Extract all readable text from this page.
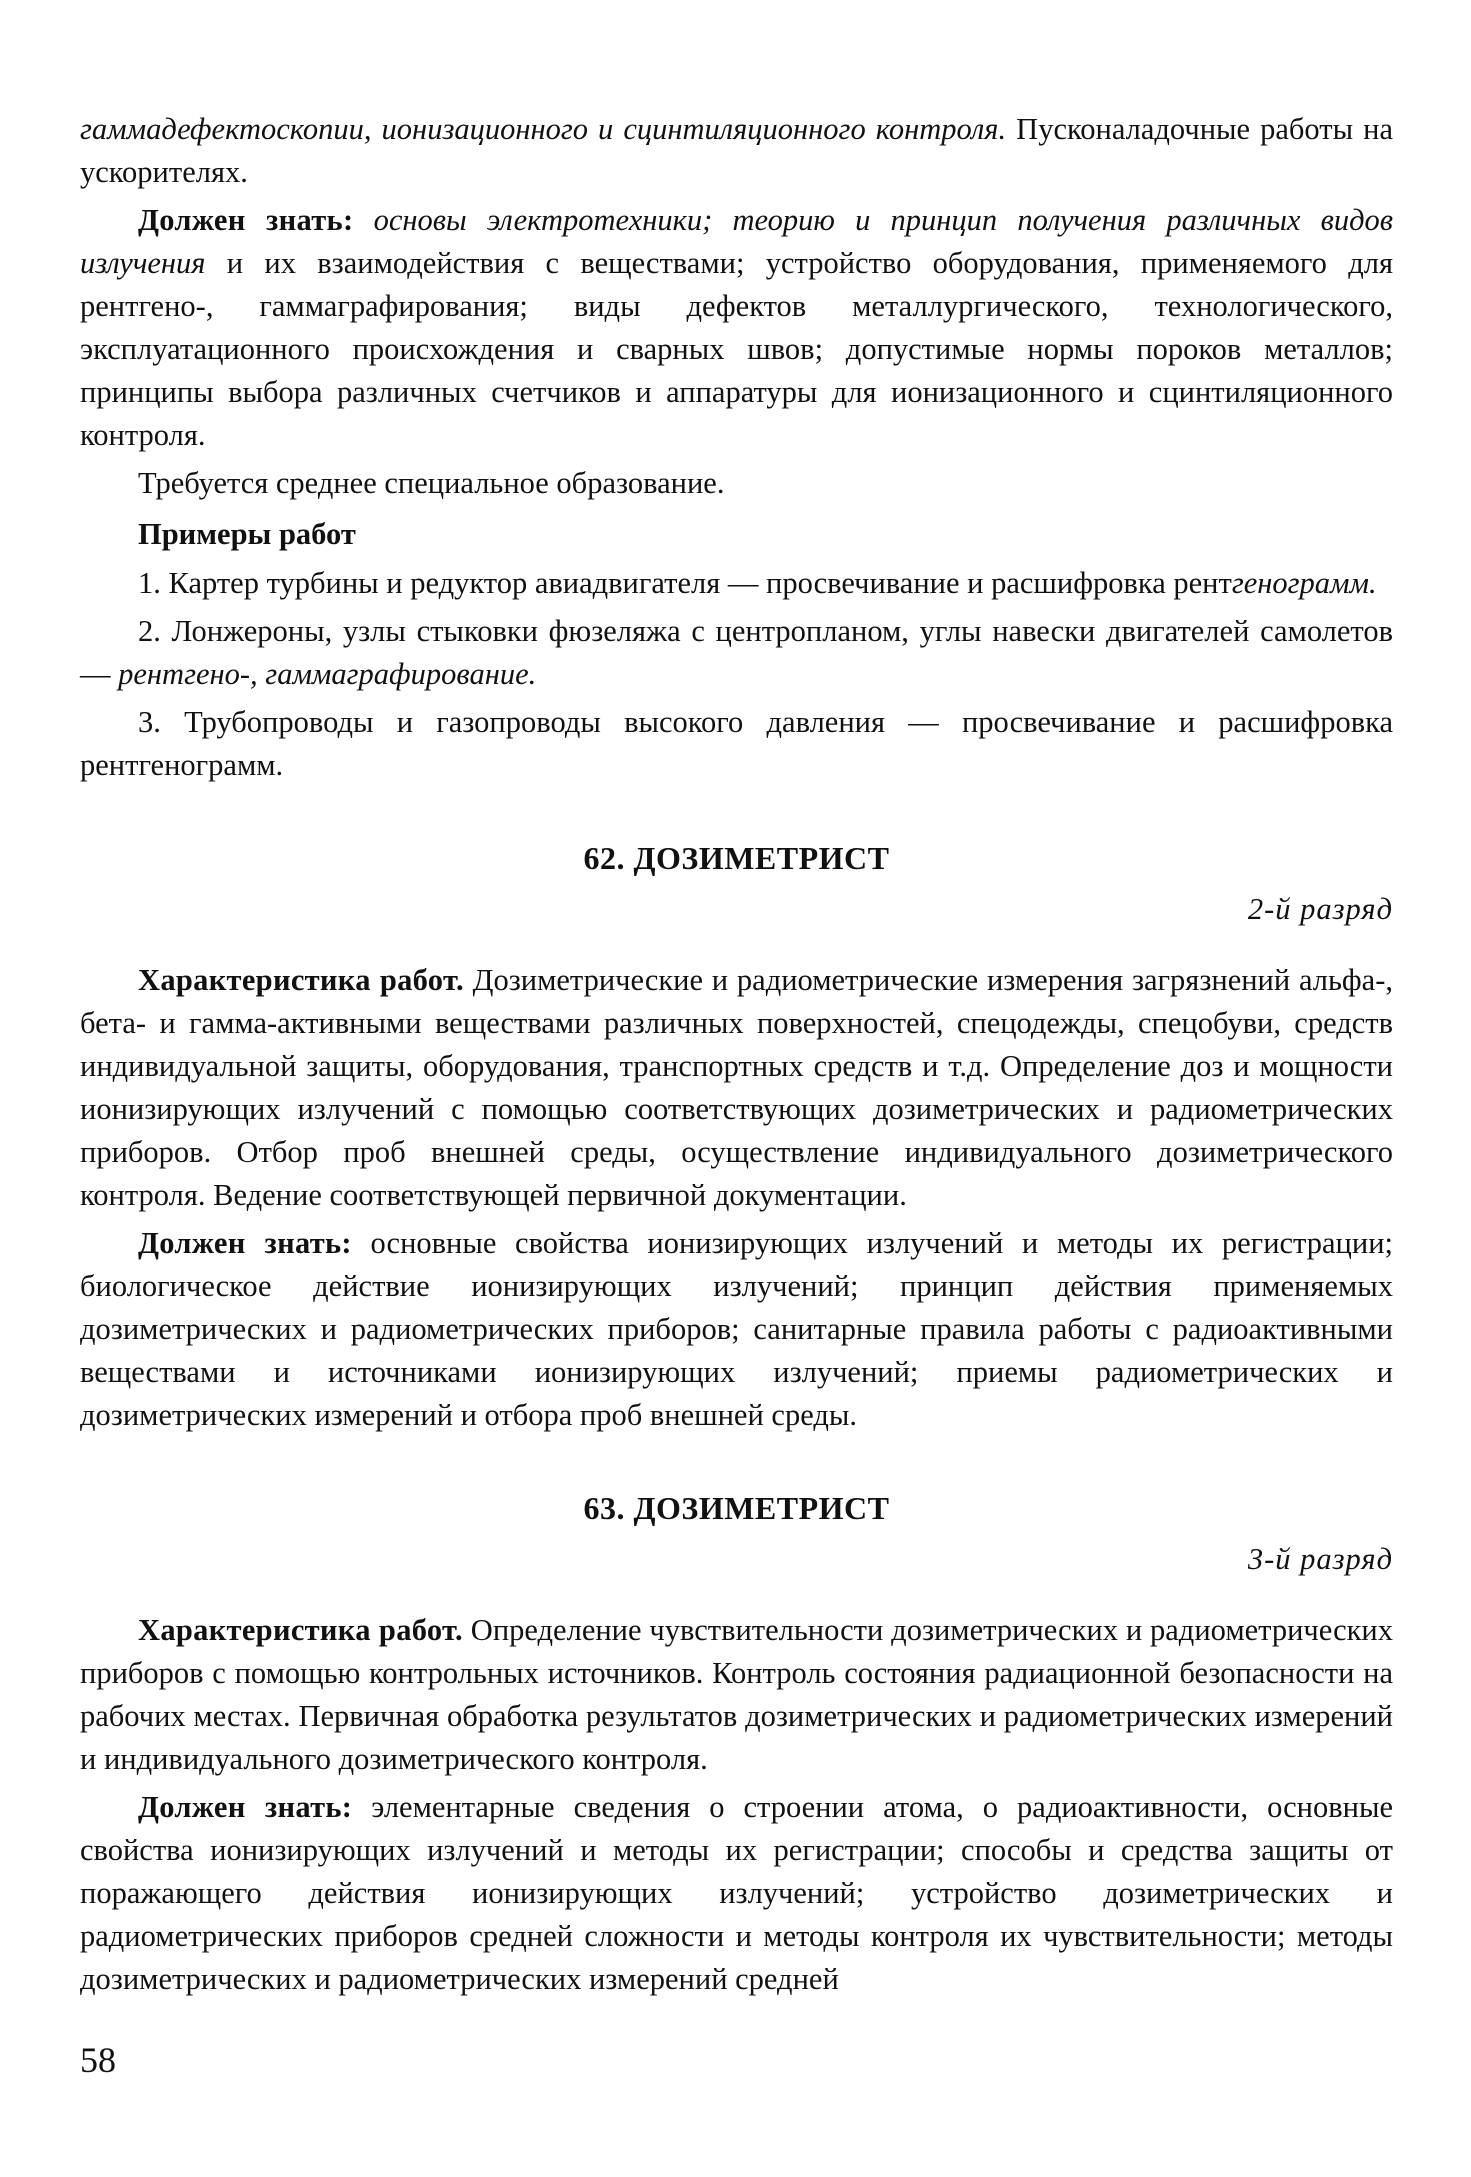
гаммадефектоскопии, ионизационного и сцинтиляционного контроля. Пусконаладочные работы на ускорителях.

Должен знать: основы электротехники; теорию и принцип получения различных видов излучения и их взаимодействия с веществами; устройство оборудования, применяемого для рентгено-, гаммаграфирования; виды дефектов металлургического, технологического, эксплуатационного происхождения и сварных швов; допустимые нормы пороков металлов; принципы выбора различных счетчиков и аппаратуры для ионизационного и сцинтиляционного контроля.

Требуется среднее специальное образование.

Примеры работ

1. Картер турбины и редуктор авиадвигателя — просвечивание и расшифровка рентгенограмм.

2. Лонжероны, узлы стыковки фюзеляжа с центропланом, углы навески двигателей самолетов — рентгено-, гаммаграфирование.

3. Трубопроводы и газопроводы высокого давления — просвечивание и расшифровка рентгенограмм.

62. ДОЗИМЕТРИСТ
2-й разряд

Характеристика работ. Дозиметрические и радиометрические измерения загрязнений альфа-, бета- и гамма-активными веществами различных поверхностей, спецодежды, спецобуви, средств индивидуальной защиты, оборудования, транспортных средств и т.д. Определение доз и мощности ионизирующих излучений с помощью соответствующих дозиметрических и радиометрических приборов. Отбор проб внешней среды, осуществление индивидуального дозиметрического контроля. Ведение соответствующей первичной документации.

Должен знать: основные свойства ионизирующих излучений и методы их регистрации; биологическое действие ионизирующих излучений; принцип действия применяемых дозиметрических и радиометрических приборов; санитарные правила работы с радиоактивными веществами и источниками ионизирующих излучений; приемы радиометрических и дозиметрических измерений и отбора проб внешней среды.

63. ДОЗИМЕТРИСТ
3-й разряд

Характеристика работ. Определение чувствительности дозиметрических и радиометрических приборов с помощью контрольных источников. Контроль состояния радиационной безопасности на рабочих местах. Первичная обработка результатов дозиметрических и радиометрических измерений и индивидуального дозиметрического контроля.

Должен знать: элементарные сведения о строении атома, о радиоактивности, основные свойства ионизирующих излучений и методы их регистрации; способы и средства защиты от поражающего действия ионизирующих излучений; устройство дозиметрических и радиометрических приборов средней сложности и методы контроля их чувствительности; методы дозиметрических и радиометрических измерений средней

58
